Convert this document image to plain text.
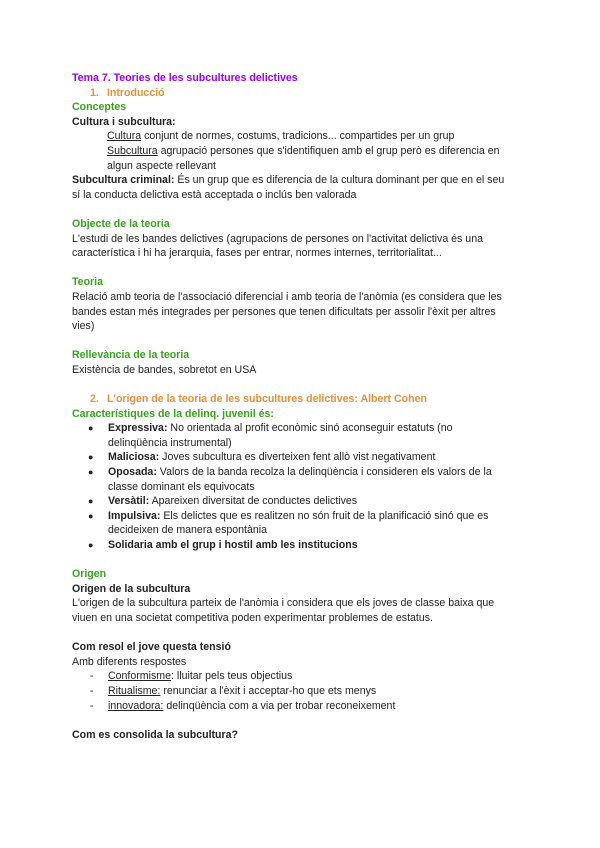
Tema 7. Teories de les subcultures delictives
1. Introducció
Conceptes
Cultura i subcultura:
Cultura conjunt de normes, costums, tradicions... compartides per un grup
Subcultura agrupació persones que s'identifiquen amb el grup però es diferencia en
algun aspecte rellevant
Subcultura criminal: És un grup que es diferencia de la cultura dominant per que en el seu
sí la conducta delictiva està acceptada o inclús ben valorada
Objecte de la teoria
L'estudi de les bandes delictives (agrupacions de persones on l'activitat delictiva és una
característica i hi ha jerarquia, fases per entrar, normes internes, territorialitat...
Teoria
Relació amb teoria de l'associació diferencial i amb teoria de l'anòmia (es considera que les
bandes estan més integrades per persones que tenen dificultats per assolir l'èxit per altres
vies)
Rellevància de la teoria
Existència de bandes, sobretot en USA
2. L'origen de la teoria de les subcultures delictives: Albert Cohen
Característiques de la delinq. juvenil és:
● Expressiva: No orientada al profit econòmic sinó aconseguir estatuts (no
delinqüència instrumental)
● Maliciosa: Joves subcultura es diverteixen fent allò vist negativament
● Oposada: Valors de la banda recolza la delinqüència i consideren els valors de la
classe dominant els equivocats
● Versàtil: Apareixen diversitat de conductes delictives
● Impulsiva: Els delictes que es realitzen no són fruit de la planificació sinó que es
decideixen de manera espontània
● Solidaria amb el grup i hostil amb les institucions
Origen
Origen de la subcultura
L'origen de la subcultura parteix de l'anòmia i considera que els joves de classe baixa que
viuen en una societat competitiva poden experimentar problemes de estatus.
Com resol el jove questa tensió
Amb diferents respostes
- Conformisme: lluitar pels teus objectius
- Ritualisme: renunciar a l'èxit i acceptar-ho que ets menys
- innovadora: delinqüència com a via per trobar reconeixement
Com es consolida la subcultura?
